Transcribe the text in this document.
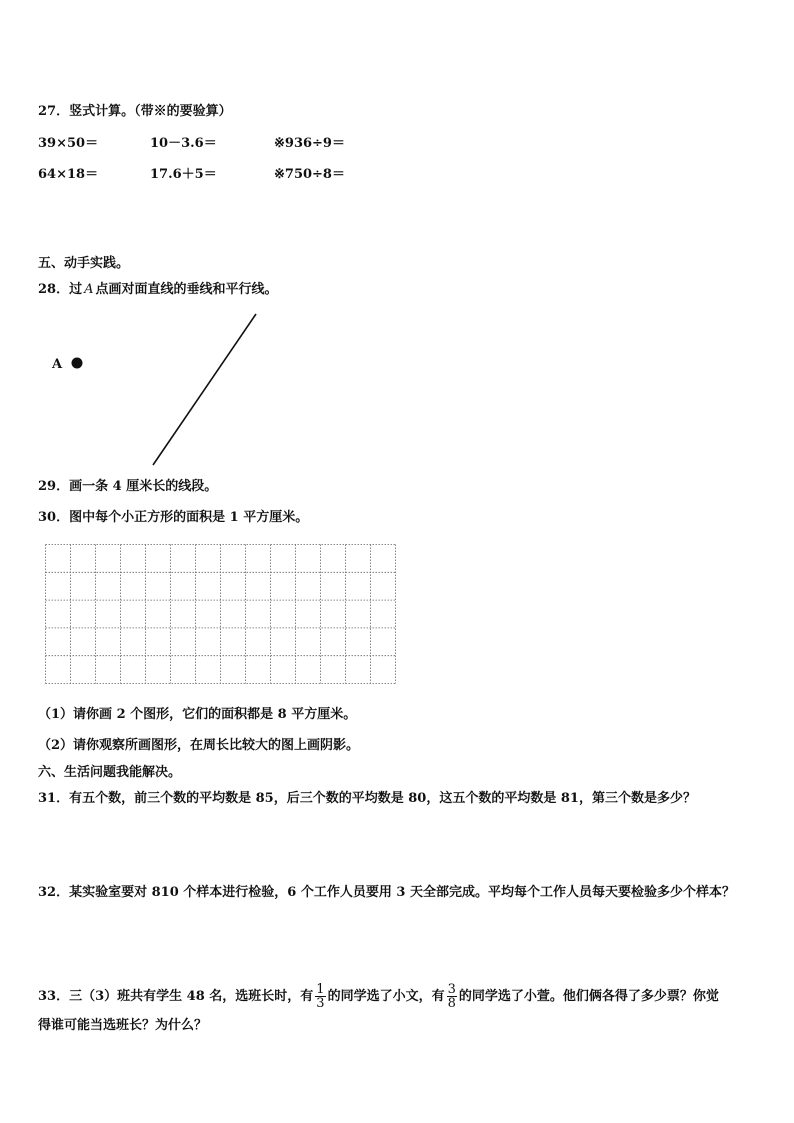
27．竖式计算。（带※的要验算）
39×50＝	10－3.6＝	※936÷9＝
64×18＝	17.6＋5＝	※750÷8＝
五、动手实践。
28．过 A 点画对面直线的垂线和平行线。
A
29．画一条 4 厘米长的线段。
30．图中每个小正方形的面积是 1 平方厘米。
（1）请你画 2 个图形，它们的面积都是 8 平方厘米。
（2）请你观察所画图形，在周长比较大的图上画阴影。
六、生活问题我能解决。
31．有五个数，前三个数的平均数是 85，后三个数的平均数是 80，这五个数的平均数是 81，第三个数是多少？
32．某实验室要对 810 个样本进行检验，6 个工作人员要用 3 天全部完成。平均每个工作人员每天要检验多少个样本？
33．三（3）班共有学生 48 名，选班长时，有 $\frac{1}{3}$ 的同学选了小文，有 $\frac{3}{8}$ 的同学选了小萱。他们俩各得了多少票？你觉
得谁可能当选班长？为什么？
